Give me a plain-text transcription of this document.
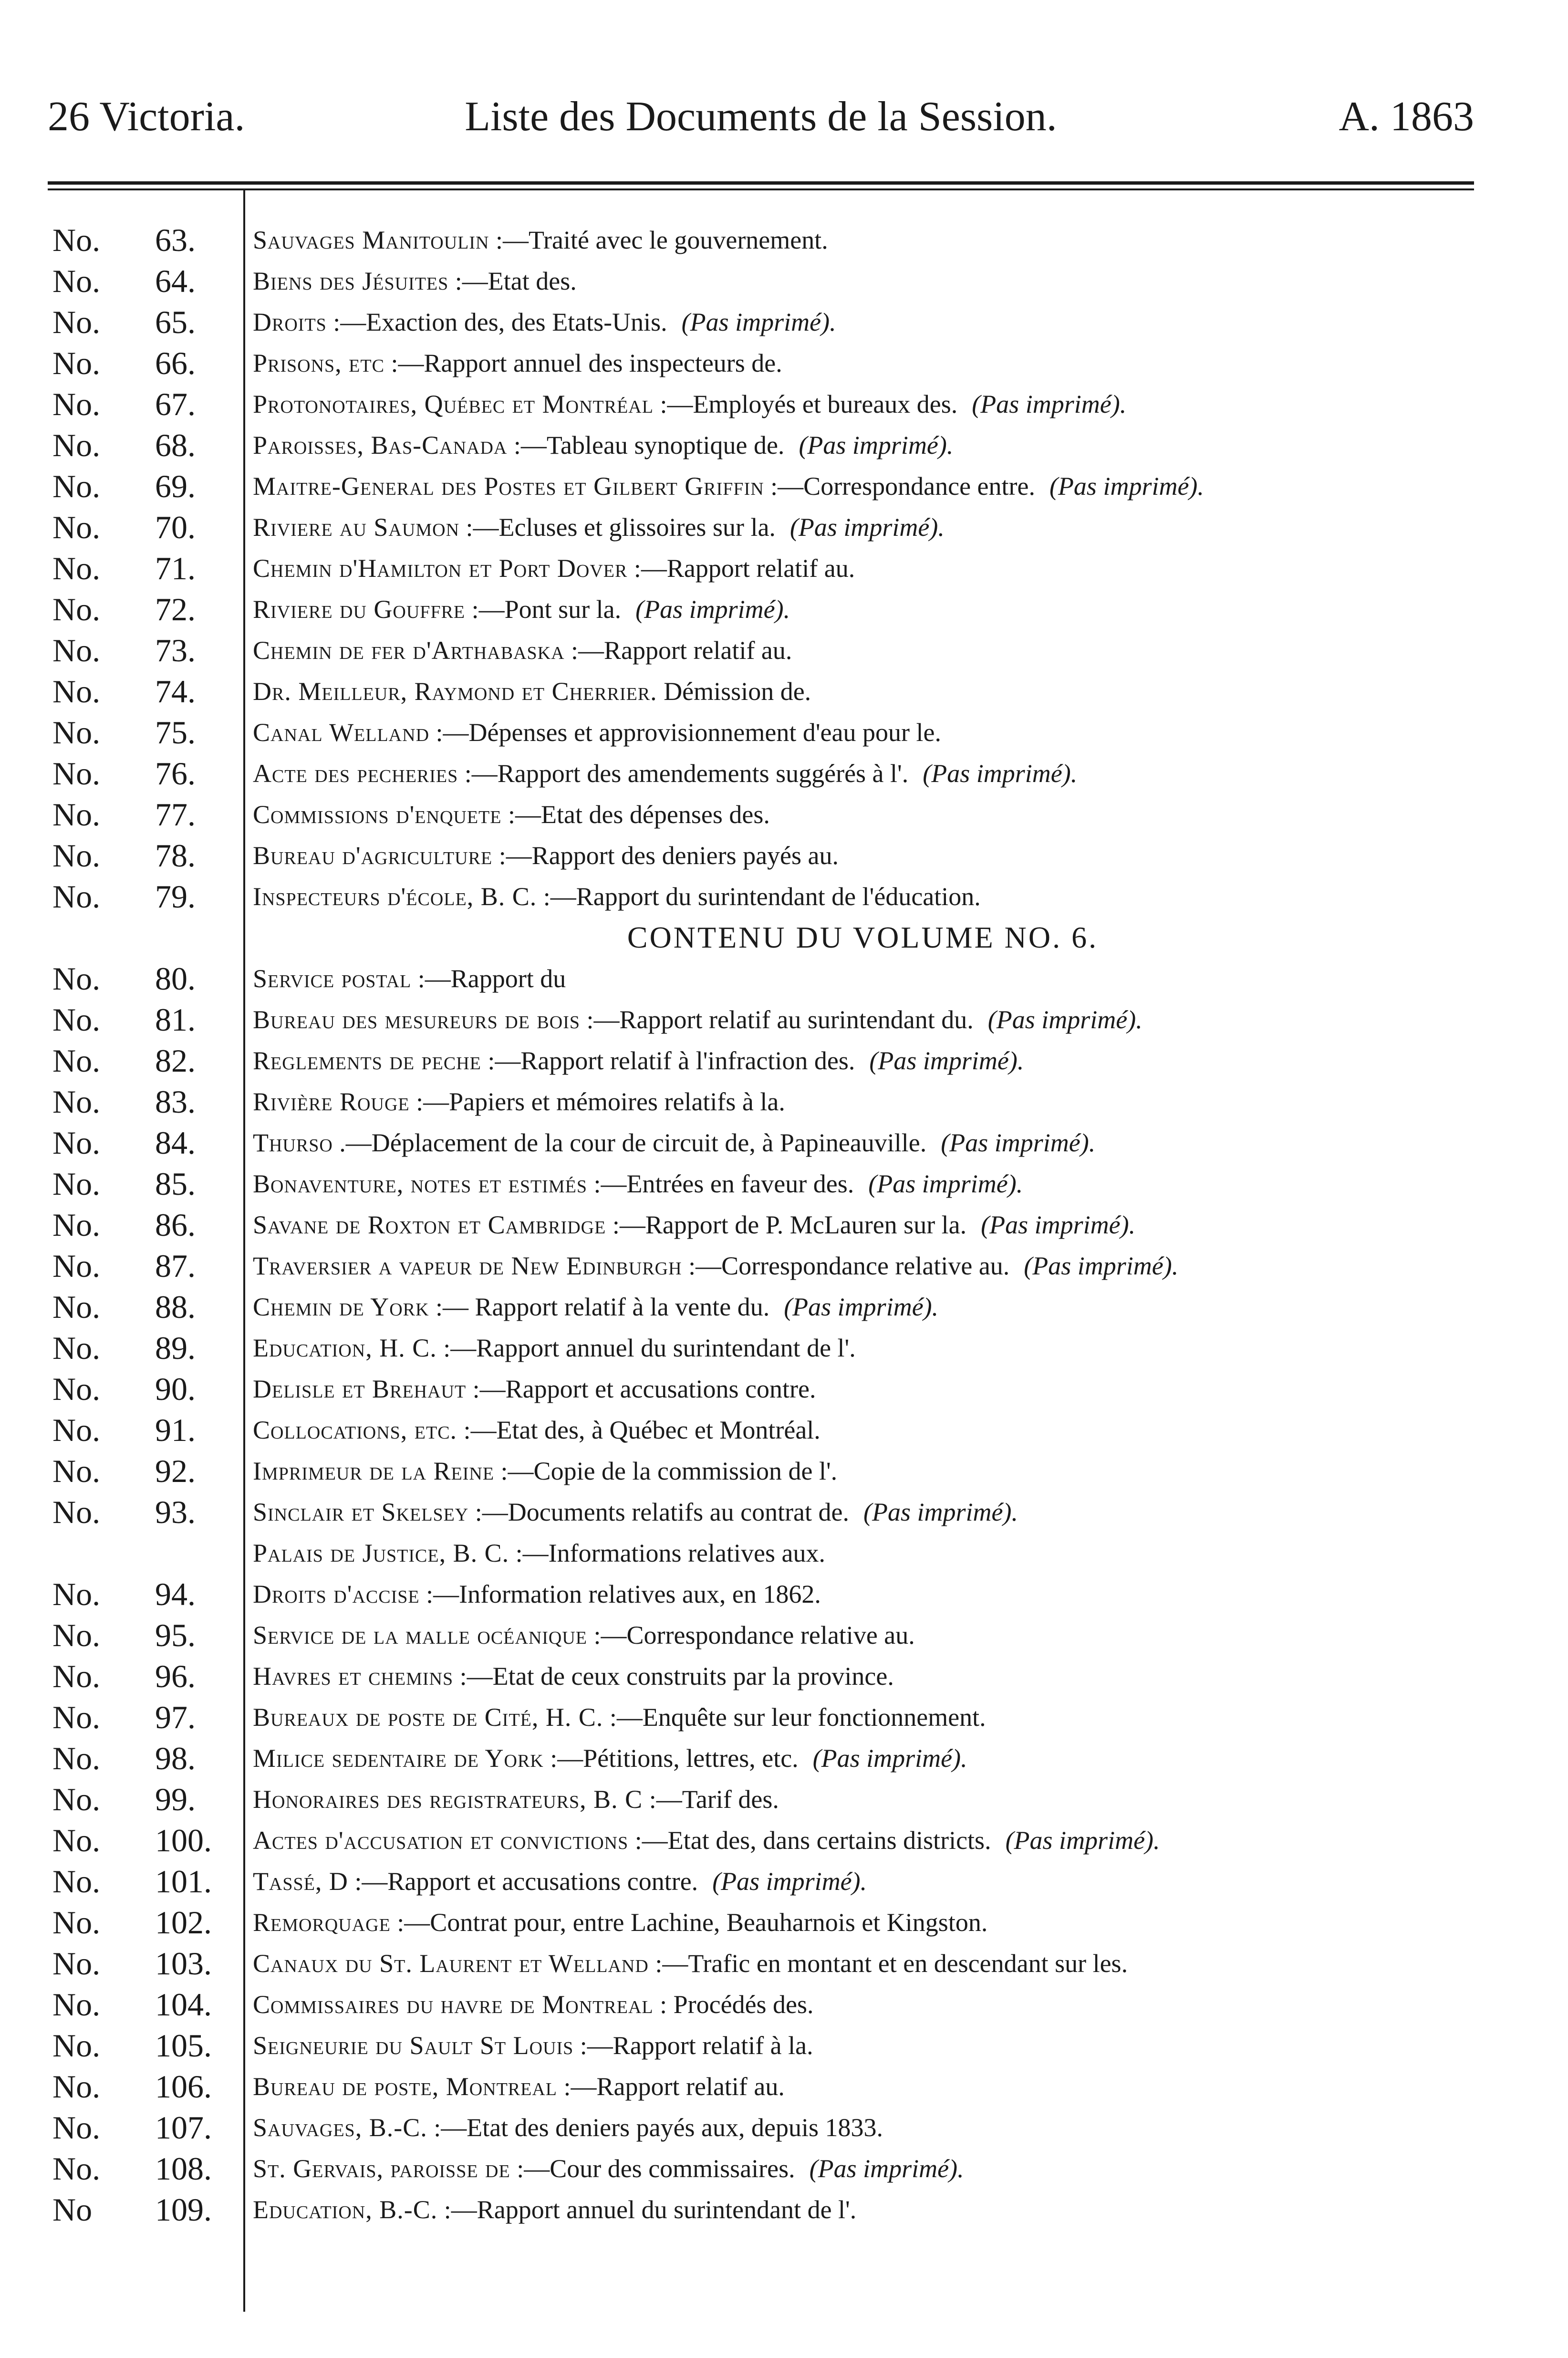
26 Victoria.	Liste des Documents de la Session.	A. 1863
No. 63.	Sauvages Manitoulin :—Traité avec le gouvernement.
No. 64.	Biens des Jésuites :—Etat des.
No. 65.	Droits :—Exaction des, des Etats-Unis. (Pas imprimé).
No. 66.	Prisons, etc :—Rapport annuel des inspecteurs de.
No. 67.	Protonotaires, Québec et Montréal :—Employés et bureaux des. (Pas imprimé).
No. 68.	Paroisses, Bas-Canada :—Tableau synoptique de. (Pas imprimé).
No. 69.	Maitre-General des Postes et Gilbert Griffin :—Correspondance entre. (Pas imprimé).
No. 70.	Riviere au Saumon :—Ecluses et glissoires sur la. (Pas imprimé).
No. 71.	Chemin d'Hamilton et Port Dover :—Rapport relatif au.
No. 72.	Riviere du Gouffre :—Pont sur la. (Pas imprimé).
No. 73.	Chemin de fer d'Arthabaska :—Rapport relatif au.
No. 74.	Dr. Meilleur, Raymond et Cherrier. Démission de.
No. 75.	Canal Welland :—Dépenses et approvisionnement d'eau pour le.
No. 76.	Acte des pecheries :—Rapport des amendements suggérés à l'. (Pas imprimé).
No. 77.	Commissions d'enquete :—Etat des dépenses des.
No. 78.	Bureau d'agriculture :—Rapport des deniers payés au.
No. 79.	Inspecteurs d'école, B. C. :—Rapport du surintendant de l'éducation.
CONTENU DU VOLUME NO. 6.
No. 80.	Service postal :—Rapport du
No. 81.	Bureau des mesureurs de bois :—Rapport relatif au surintendant du. (Pas imprimé).
No. 82.	Reglements de peche :—Rapport relatif à l'infraction des. (Pas imprimé).
No. 83.	Rivière Rouge :—Papiers et mémoires relatifs à la.
No. 84.	Thurso .—Déplacement de la cour de circuit de, à Papineauville. (Pas imprimé).
No. 85.	Bonaventure, notes et estimés :—Entrées en faveur des. (Pas imprimé).
No. 86.	Savane de Roxton et Cambridge :—Rapport de P. McLauren sur la. (Pas imprimé).
No. 87.	Traversier a vapeur de New Edinburgh :—Correspondance relative au. (Pas imprimé).
No. 88.	Chemin de York :— Rapport relatif à la vente du. (Pas imprimé).
No. 89.	Education, H. C. :—Rapport annuel du surintendant de l'.
No. 90.	Delisle et Brehaut :—Rapport et accusations contre.
No. 91.	Collocations, etc. :—Etat des, à Québec et Montréal.
No. 92.	Imprimeur de la Reine :—Copie de la commission de l'.
No. 93.	Sinclair et Skelsey :—Documents relatifs au contrat de. (Pas imprimé).
Palais de Justice, B. C. :—Informations relatives aux.
No. 94.	Droits d'accise :—Information relatives aux, en 1862.
No. 95.	Service de la malle océanique :—Correspondance relative au.
No. 96.	Havres et chemins :—Etat de ceux construits par la province.
No. 97.	Bureaux de poste de Cité, H. C. :—Enquête sur leur fonctionnement.
No. 98.	Milice sedentaire de York :—Pétitions, lettres, etc. (Pas imprimé).
No. 99.	Honoraires des registrateurs, B. C :—Tarif des.
No. 100.	Actes d'accusation et convictions :—Etat des, dans certains districts. (Pas imprimé).
No. 101.	Tassé, D :—Rapport et accusations contre. (Pas imprimé).
No. 102.	Remorquage :—Contrat pour, entre Lachine, Beauharnois et Kingston.
No. 103.	Canaux du St. Laurent et Welland :—Trafic en montant et en descendant sur les.
No. 104.	Commissaires du havre de Montreal : Procédés des.
No. 105.	Seigneurie du Sault St Louis :—Rapport relatif à la.
No. 106.	Bureau de poste, Montreal :—Rapport relatif au.
No. 107.	Sauvages, B.-C. :—Etat des deniers payés aux, depuis 1833.
No. 108.	St. Gervais, paroisse de :—Cour des commissaires. (Pas imprimé).
No 109.	Education, B.-C. :—Rapport annuel du surintendant de l'.
